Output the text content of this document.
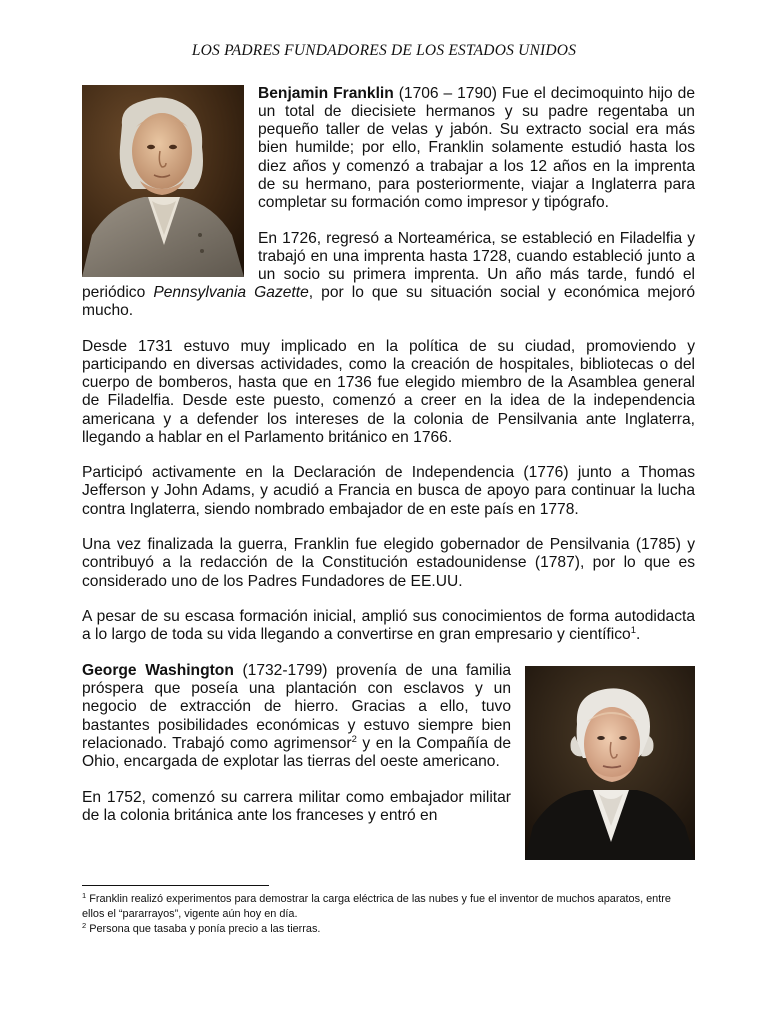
LOS PADRES FUNDADORES DE LOS ESTADOS UNIDOS

Benjamin Franklin (1706 – 1790) Fue el decimoquinto hijo de un total de diecisiete hermanos y su padre regentaba un pequeño taller de velas y jabón. Su extracto social era más bien humilde; por ello, Franklin solamente estudió hasta los diez años y comenzó a trabajar a los 12 años en la imprenta de su hermano, para posteriormente, viajar a Inglaterra para completar su formación como impresor y tipógrafo.

En 1726, regresó a Norteamérica, se estableció en Filadelfia y trabajó en una imprenta hasta 1728, cuando estableció junto a un socio su primera imprenta. Un año más tarde, fundó el periódico Pennsylvania Gazette, por lo que su situación social y económica mejoró mucho.

Desde 1731 estuvo muy implicado en la política de su ciudad, promoviendo y participando en diversas actividades, como la creación de hospitales, bibliotecas o del cuerpo de bomberos, hasta que en 1736 fue elegido miembro de la Asamblea general de Filadelfia. Desde este puesto, comenzó a creer en la idea de la independencia americana y a defender los intereses de la colonia de Pensilvania ante Inglaterra, llegando a hablar en el Parlamento británico en 1766.

Participó activamente en la Declaración de Independencia (1776) junto a Thomas Jefferson y John Adams, y acudió a Francia en busca de apoyo para continuar la lucha contra Inglaterra, siendo nombrado embajador de en este país en 1778.

Una vez finalizada la guerra, Franklin fue elegido gobernador de Pensilvania (1785) y contribuyó a la redacción de la Constitución estadounidense (1787), por lo que es considerado uno de los Padres Fundadores de EE.UU.

A pesar de su escasa formación inicial, amplió sus conocimientos de forma autodidacta a lo largo de toda su vida llegando a convertirse en gran empresario y científico$^1$.

George Washington (1732-1799) provenía de una familia próspera que poseía una plantación con esclavos y un negocio de extracción de hierro. Gracias a ello, tuvo bastantes posibilidades económicas y estuvo siempre bien relacionado. Trabajó como agrimensor$^2$ y en la Compañía de Ohio, encargada de explotar las tierras del oeste americano.

En 1752, comenzó su carrera militar como embajador militar de la colonia británica ante los franceses y entró en

$^1$ Franklin realizó experimentos para demostrar la carga eléctrica de las nubes y fue el inventor de muchos aparatos, entre ellos el “pararrayos”, vigente aún hoy en día.

$^2$ Persona que tasaba y ponía precio a las tierras.
